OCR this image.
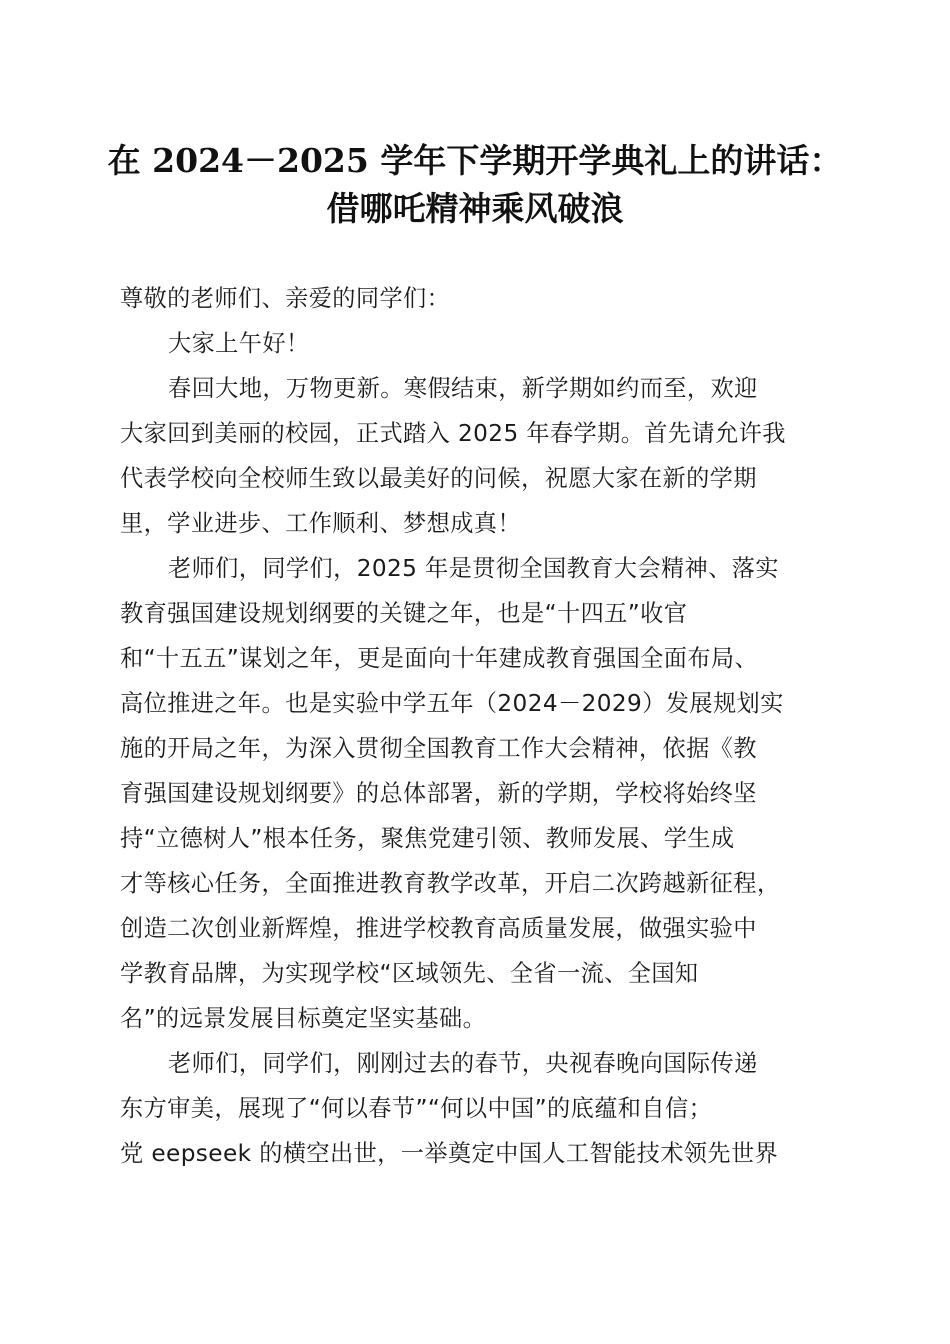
在 2024－2025 学年下学期开学典礼上的讲话：
借哪吒精神乘风破浪
尊敬的老师们、亲爱的同学们：
大家上午好！
春回大地，万物更新。寒假结束，新学期如约而至，欢迎
大家回到美丽的校园，正式踏入 2025 年春学期。首先请允许我
代表学校向全校师生致以最美好的问候，祝愿大家在新的学期
里，学业进步、工作顺利、梦想成真！
老师们，同学们，2025 年是贯彻全国教育大会精神、落实
教育强国建设规划纲要的关键之年，也是“十四五”收官
和“十五五”谋划之年，更是面向十年建成教育强国全面布局、
高位推进之年。也是实验中学五年（2024－2029）发展规划实
施的开局之年，为深入贯彻全国教育工作大会精神，依据《教
育强国建设规划纲要》的总体部署，新的学期，学校将始终坚
持“立德树人”根本任务，聚焦党建引领、教师发展、学生成
才等核心任务，全面推进教育教学改革，开启二次跨越新征程，
创造二次创业新辉煌，推进学校教育高质量发展，做强实验中
学教育品牌，为实现学校“区域领先、全省一流、全国知
名”的远景发展目标奠定坚实基础。
老师们，同学们，刚刚过去的春节，央视春晚向国际传递
东方审美，展现了“何以春节”“何以中国”的底蕴和自信；
党 eepseek 的横空出世，一举奠定中国人工智能技术领先世界
